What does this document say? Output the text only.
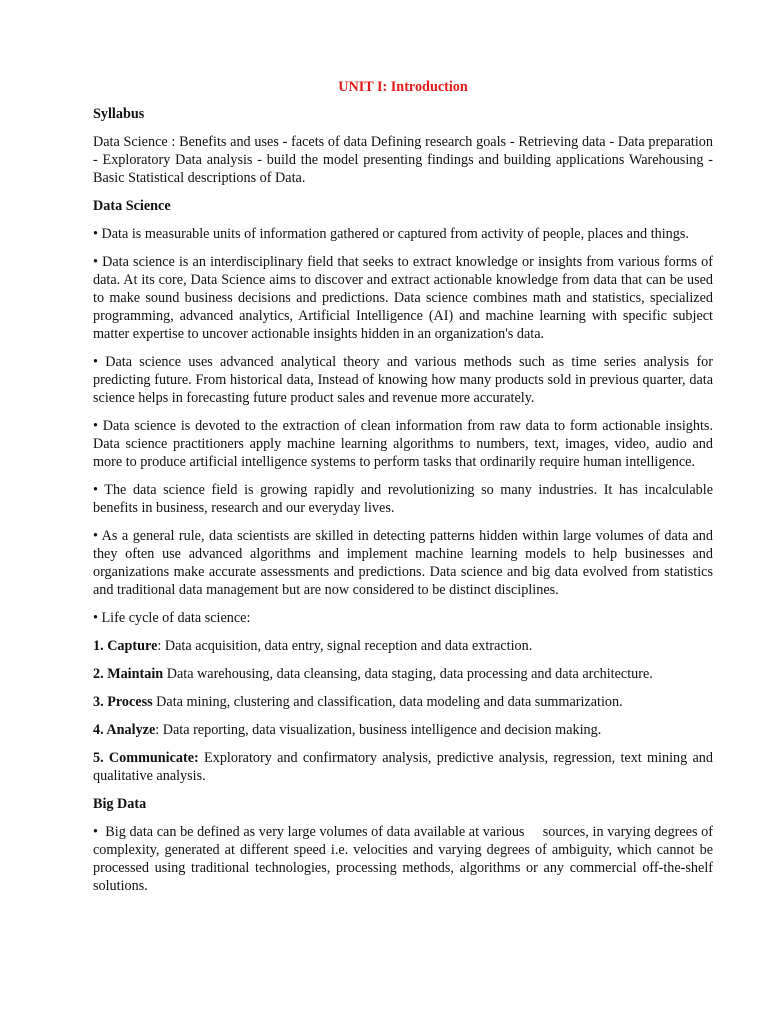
UNIT I: Introduction
Syllabus

Data Science : Benefits and uses - facets of data Defining research goals - Retrieving data - Data preparation - Exploratory Data analysis - build the model presenting findings and building applications Warehousing - Basic Statistical descriptions of Data.

Data Science

• Data is measurable units of information gathered or captured from activity of people, places and things.

• Data science is an interdisciplinary field that seeks to extract knowledge or insights from various forms of data. At its core, Data Science aims to discover and extract actionable knowledge from data that can be used to make sound business decisions and predictions. Data science combines math and statistics, specialized programming, advanced analytics, Artificial Intelligence (AI) and machine learning with specific subject matter expertise to uncover actionable insights hidden in an organization's data.

• Data science uses advanced analytical theory and various methods such as time series analysis for predicting future. From historical data, Instead of knowing how many products sold in previous quarter, data science helps in forecasting future product sales and revenue more accurately.

• Data science is devoted to the extraction of clean information from raw data to form actionable insights. Data science practitioners apply machine learning algorithms to numbers, text, images, video, audio and more to produce artificial intelligence systems to perform tasks that ordinarily require human intelligence.

• The data science field is growing rapidly and revolutionizing so many industries. It has incalculable benefits in business, research and our everyday lives.

• As a general rule, data scientists are skilled in detecting patterns hidden within large volumes of data and they often use advanced algorithms and implement machine learning models to help businesses and organizations make accurate assessments and predictions. Data science and big data evolved from statistics and traditional data management but are now considered to be distinct disciplines.

• Life cycle of data science:

1. Capture: Data acquisition, data entry, signal reception and data extraction.

2. Maintain Data warehousing, data cleansing, data staging, data processing and data architecture.

3. Process Data mining, clustering and classification, data modeling and data summarization.

4. Analyze: Data reporting, data visualization, business intelligence and decision making.

5. Communicate: Exploratory and confirmatory analysis, predictive analysis, regression, text mining and qualitative analysis.

Big Data

•  Big data can be defined as very large volumes of data available at various     sources, in varying degrees of complexity, generated at different speed i.e. velocities and varying degrees of ambiguity, which cannot be processed using traditional technologies, processing methods, algorithms or any commercial off-the-shelf solutions.
